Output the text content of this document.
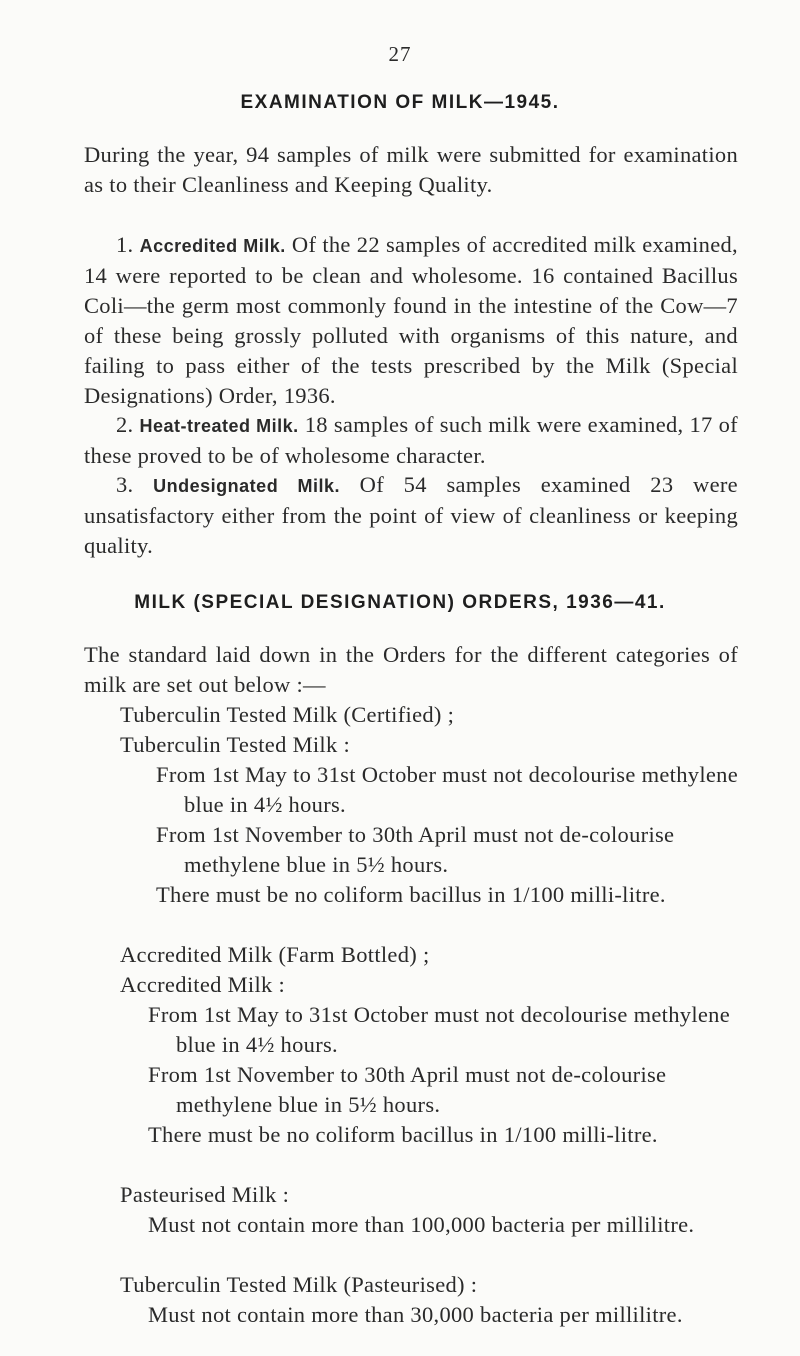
27
EXAMINATION OF MILK—1945.

During the year, 94 samples of milk were submitted for examination as to their Cleanliness and Keeping Quality.

1. Accredited Milk. Of the 22 samples of accredited milk examined, 14 were reported to be clean and wholesome. 16 contained Bacillus Coli—the germ most commonly found in the intestine of the Cow—7 of these being grossly polluted with organisms of this nature, and failing to pass either of the tests prescribed by the Milk (Special Designations) Order, 1936.

2. Heat-treated Milk. 18 samples of such milk were examined, 17 of these proved to be of wholesome character.

3. Undesignated Milk. Of 54 samples examined 23 were unsatisfactory either from the point of view of cleanliness or keeping quality.

MILK (SPECIAL DESIGNATION) ORDERS, 1936—41.

The standard laid down in the Orders for the different categories of milk are set out below :—

Tuberculin Tested Milk (Certified) ;

Tuberculin Tested Milk :

From 1st May to 31st October must not decolourise methylene blue in 4½ hours.

From 1st November to 30th April must not de-colourise methylene blue in 5½ hours.

There must be no coliform bacillus in 1/100 milli-litre.

Accredited Milk (Farm Bottled) ;

Accredited Milk :

From 1st May to 31st October must not decolourise methylene blue in 4½ hours.

From 1st November to 30th April must not de-colourise methylene blue in 5½ hours.

There must be no coliform bacillus in 1/100 milli-litre.

Pasteurised Milk :

Must not contain more than 100,000 bacteria per millilitre.

Tuberculin Tested Milk (Pasteurised) :

Must not contain more than 30,000 bacteria per millilitre.
